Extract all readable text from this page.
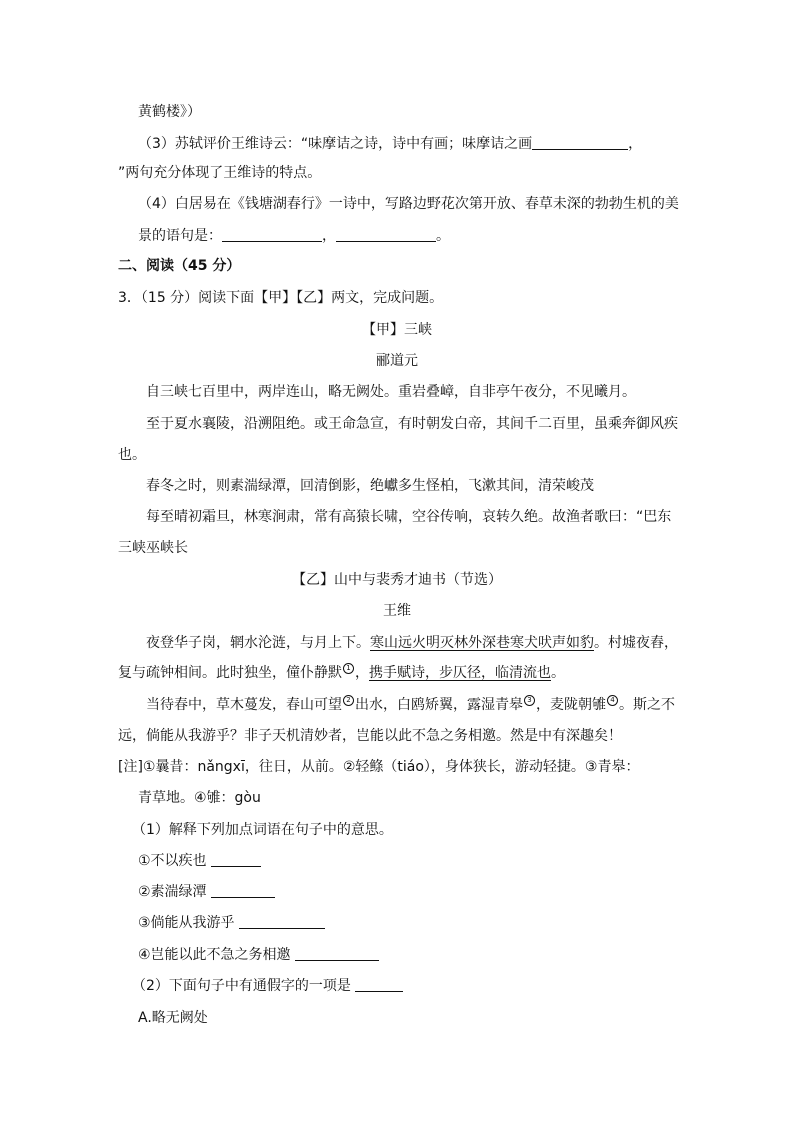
黄鹤楼》）
（3）苏轼评价王维诗云：“味摩诘之诗，诗中有画；味摩诘之画	，
”两句充分体现了王维诗的特点。
（4）白居易在《钱塘湖春行》一诗中，写路边野花次第开放、春草未深的勃勃生机的美
景的语句是：	，	。
二、阅读（45 分）
3．（15 分）阅读下面【甲】【乙】两文，完成问题。
【甲】三峡
郦道元
自三峡七百里中，两岸连山，略无阙处。重岩叠嶂，自非亭午夜分，不见曦月。
至于夏水襄陵，沿溯阻绝。或王命急宣，有时朝发白帝，其间千二百里，虽乘奔御风疾
也。
春冬之时，则素湍绿潭，回清倒影，绝巘多生怪柏，飞漱其间，清荣峻茂
每至晴初霜旦，林寒涧肃，常有高猿长啸，空谷传响，哀转久绝。故渔者歌曰：“巴东
三峡巫峡长
【乙】山中与裴秀才迪书（节选）
王维
夜登华子岗，辋水沦涟，与月上下。寒山远火明灭林外深巷寒犬吠声如豹。村墟夜舂，
复与疏钟相间。此时独坐，僮仆静默 1 ，携手赋诗，步仄径，临清流也。
当待春中，草木蔓发，春山可望 2 出水，白鸥矫翼，露湿青皋 3 ，麦陇朝雊 4 。斯之不
远，倘能从我游乎？非子天机清妙者，岂能以此不急之务相邀。然是中有深趣矣！
[注]①曩昔：nǎngxī，往日，从前。②轻鲦（tiáo），身体狭长，游动轻捷。③青皋：
青草地。④雊：gòu
（1）解释下列加点词语在句子中的意思。
①不以疾也
②素湍绿潭
③倘能从我游乎
④岂能以此不急之务相邀
（2）下面句子中有通假字的一项是
A.略无阙处
